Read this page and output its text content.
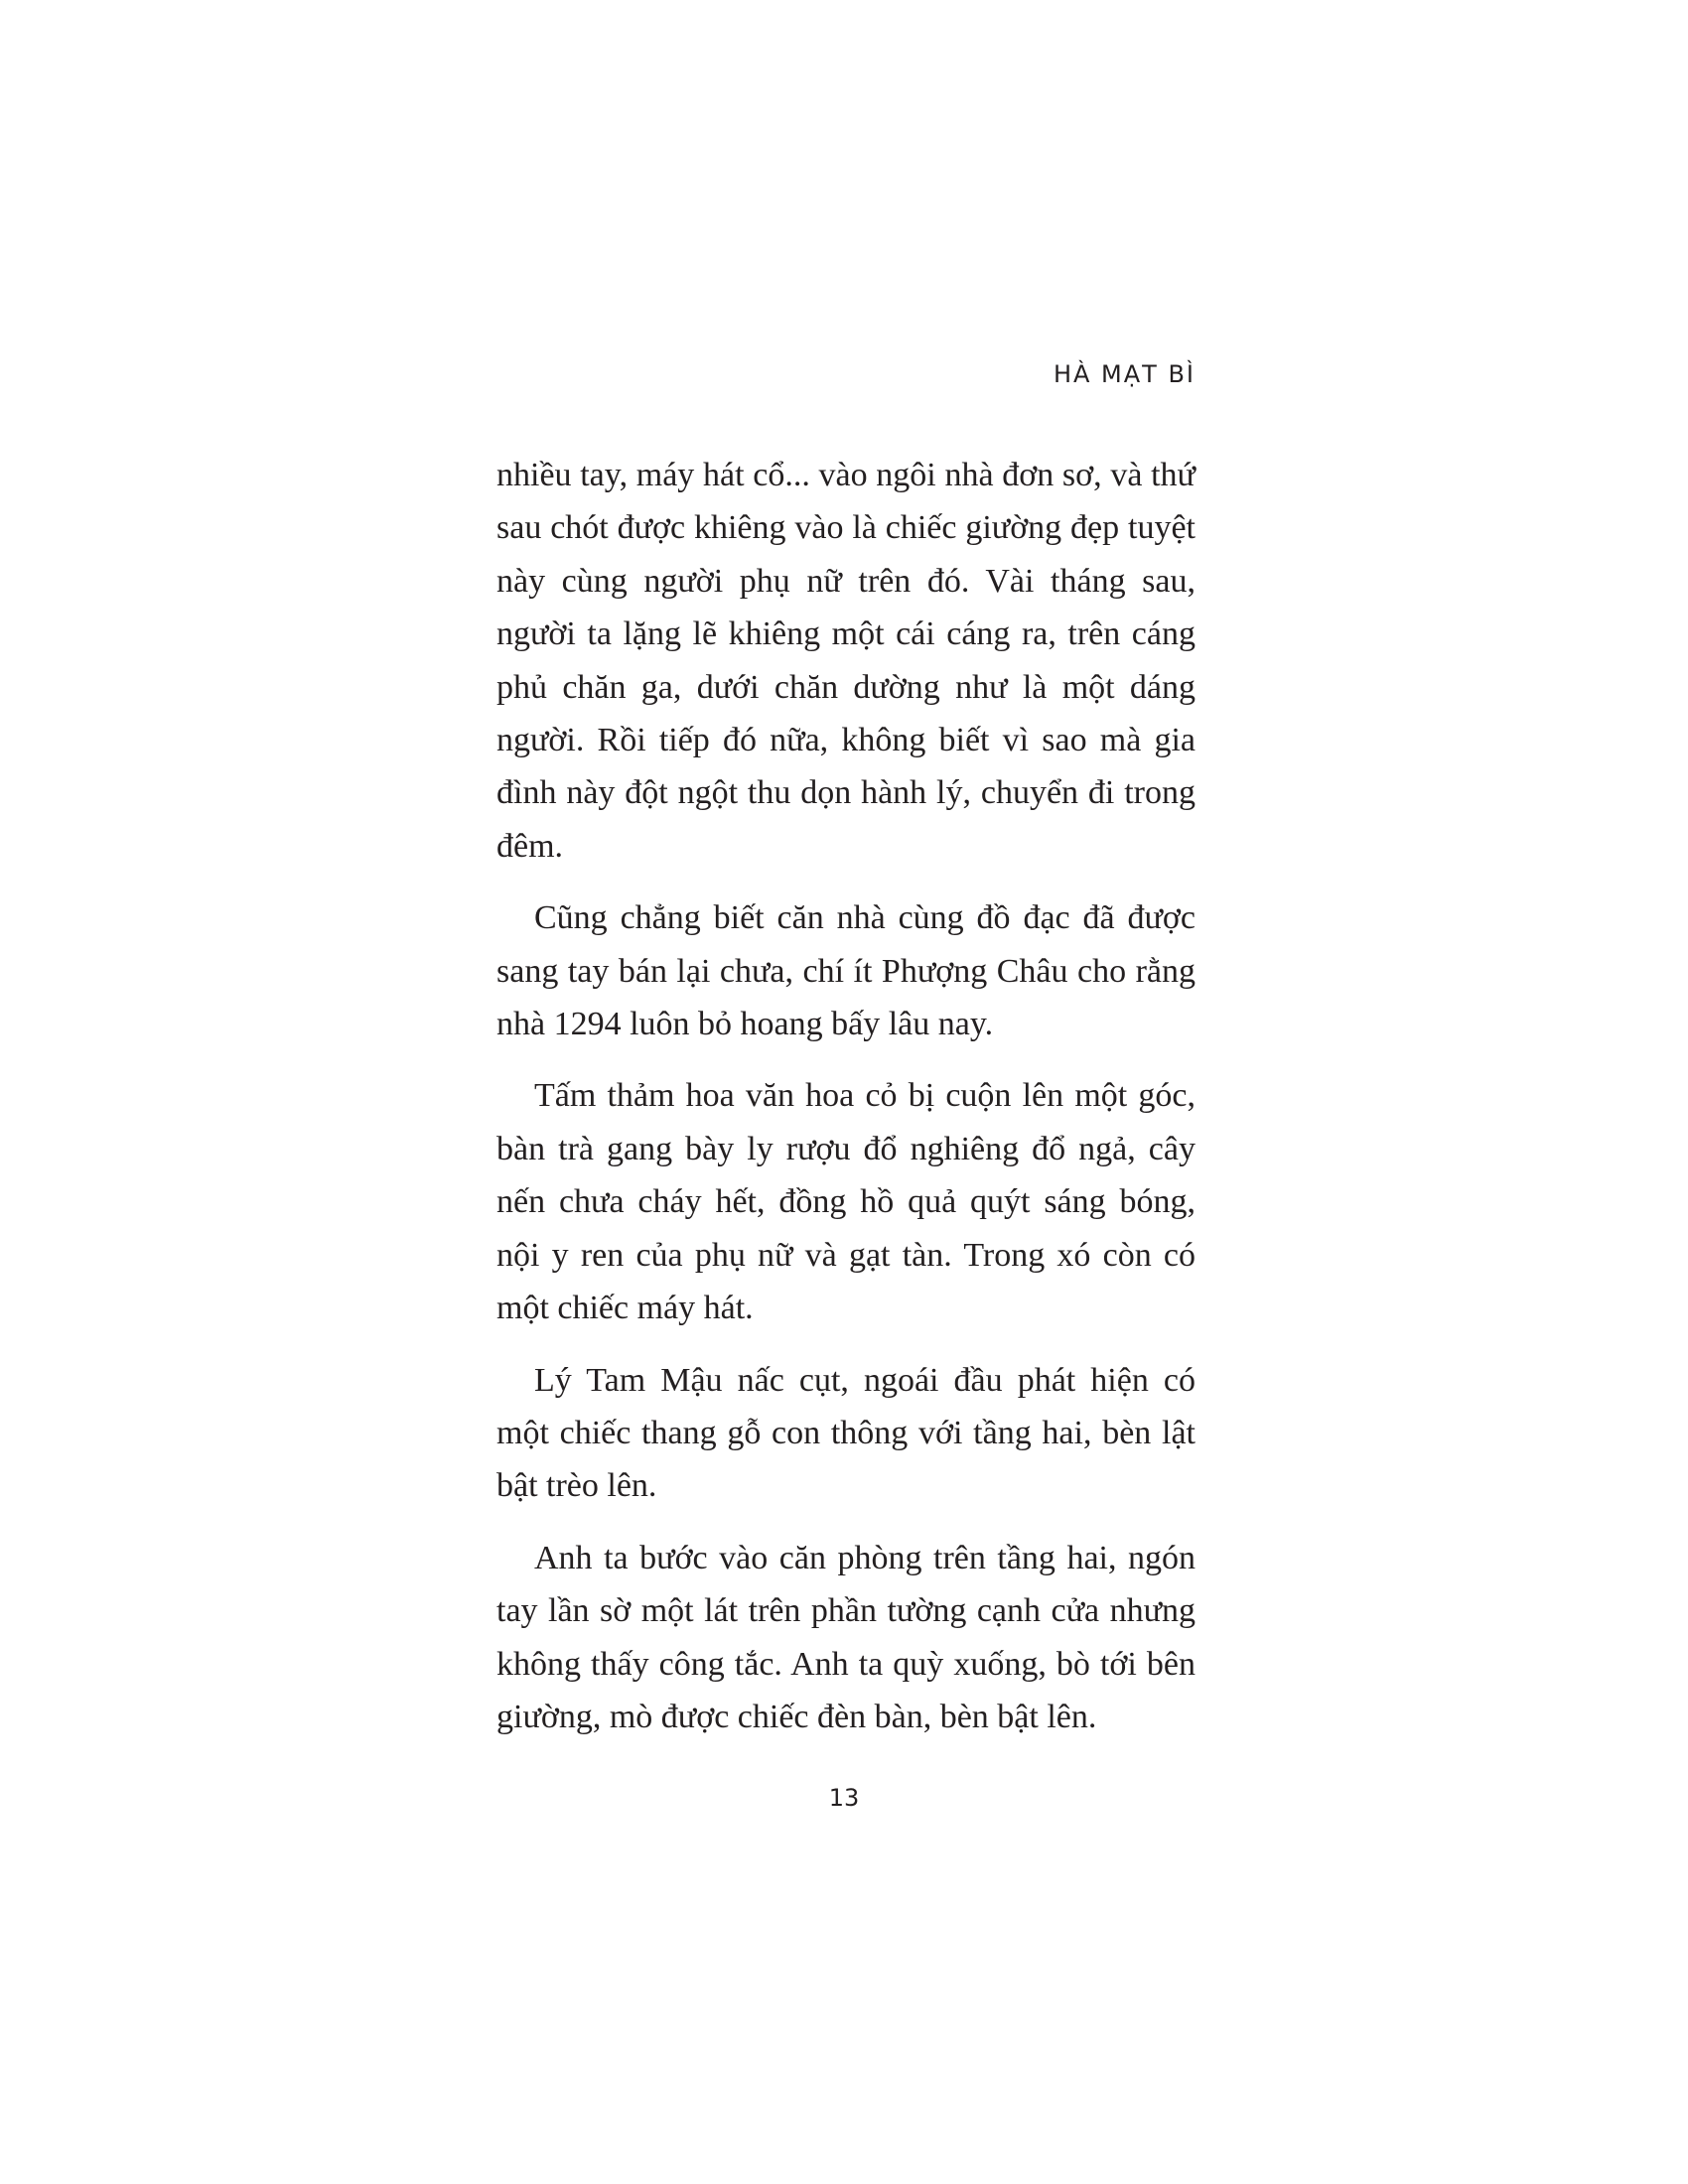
HÀ MẠT BÌ

nhiều tay, máy hát cổ... vào ngôi nhà đơn sơ, và thứ sau chót được khiêng vào là chiếc giường đẹp tuyệt này cùng người phụ nữ trên đó. Vài tháng sau, người ta lặng lẽ khiêng một cái cáng ra, trên cáng phủ chăn ga, dưới chăn dường như là một dáng người. Rồi tiếp đó nữa, không biết vì sao mà gia đình này đột ngột thu dọn hành lý, chuyển đi trong đêm.

Cũng chẳng biết căn nhà cùng đồ đạc đã được sang tay bán lại chưa, chí ít Phượng Châu cho rằng nhà 1294 luôn bỏ hoang bấy lâu nay.

Tấm thảm hoa văn hoa cỏ bị cuộn lên một góc, bàn trà gang bày ly rượu đổ nghiêng đổ ngả, cây nến chưa cháy hết, đồng hồ quả quýt sáng bóng, nội y ren của phụ nữ và gạt tàn. Trong xó còn có một chiếc máy hát.

Lý Tam Mậu nấc cụt, ngoái đầu phát hiện có một chiếc thang gỗ con thông với tầng hai, bèn lật bật trèo lên.

Anh ta bước vào căn phòng trên tầng hai, ngón tay lần sờ một lát trên phần tường cạnh cửa nhưng không thấy công tắc. Anh ta quỳ xuống, bò tới bên giường, mò được chiếc đèn bàn, bèn bật lên.

13
